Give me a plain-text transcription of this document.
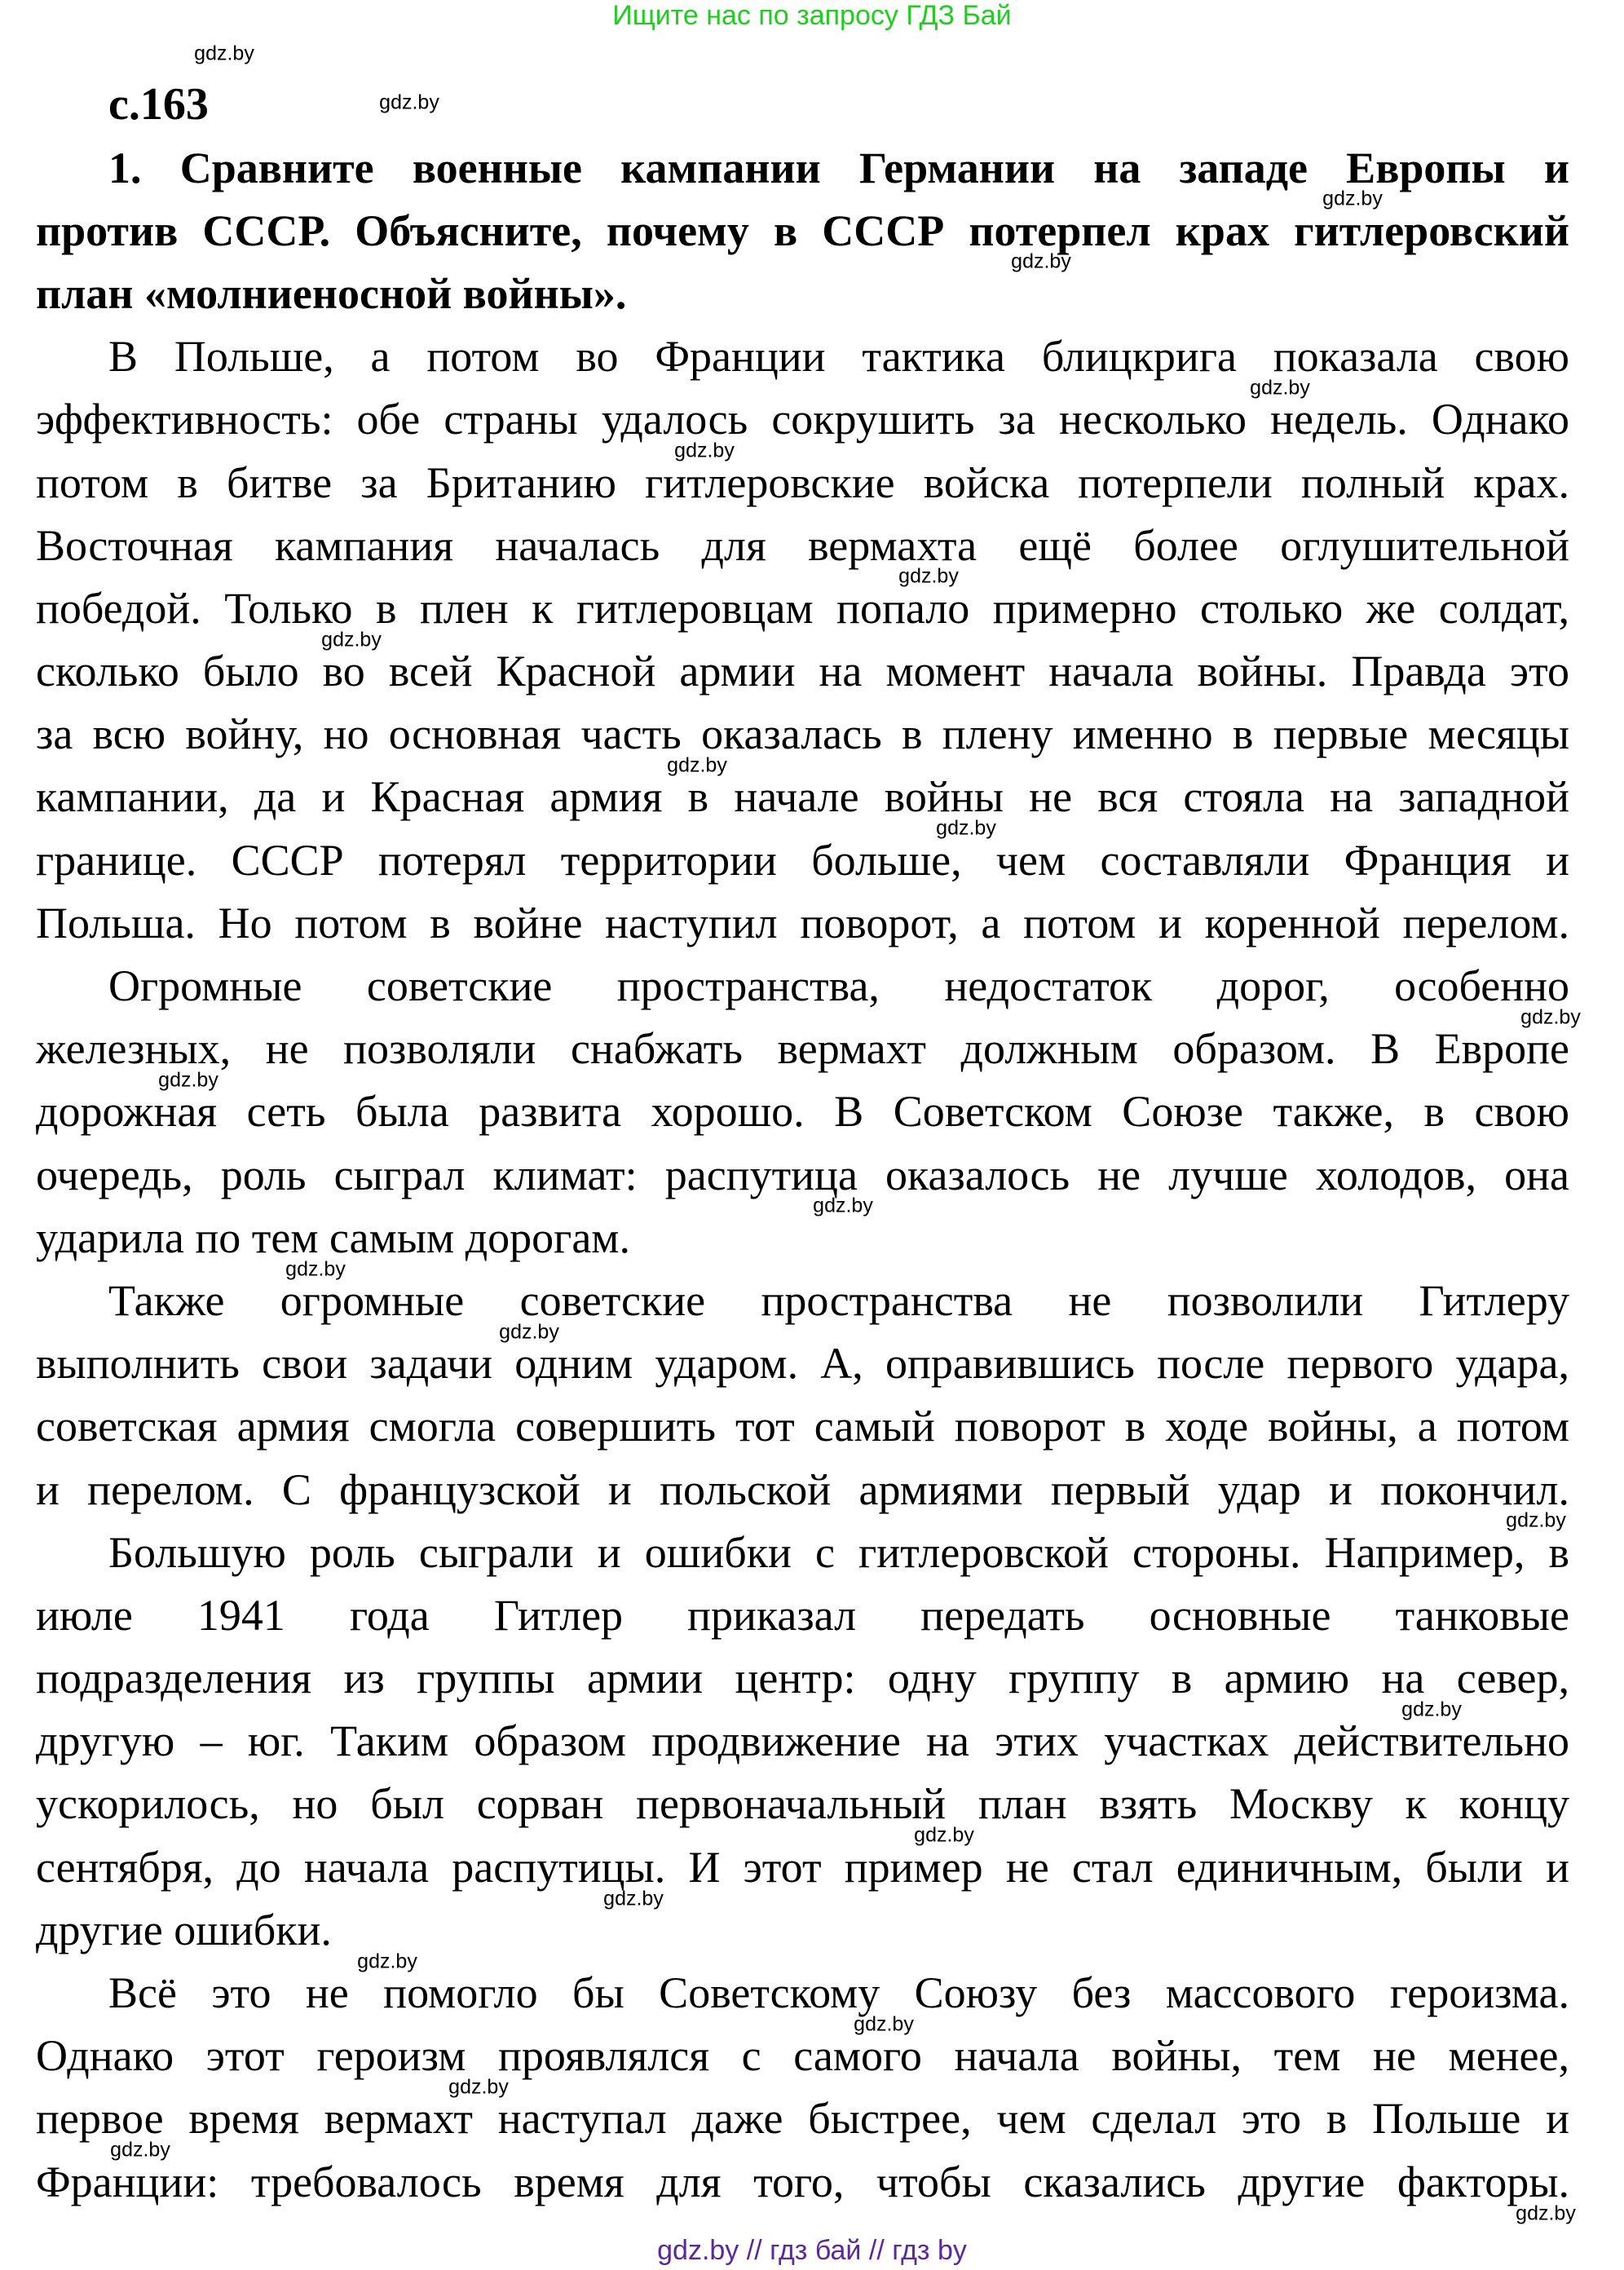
Ищите нас по запросу ГДЗ Бай
с.163
1. Сравните военные кампании Германии на западе Европы и
против СССР. Объясните, почему в СССР потерпел крах гитлеровский
план «молниеносной войны».
В Польше, а потом во Франции тактика блицкрига показала свою
эффективность: обе страны удалось сокрушить за несколько недель. Однако
потом в битве за Британию гитлеровские войска потерпели полный крах.
Восточная кампания началась для вермахта ещё более оглушительной
победой. Только в плен к гитлеровцам попало примерно столько же солдат,
сколько было во всей Красной армии на момент начала войны. Правда это
за всю войну, но основная часть оказалась в плену именно в первые месяцы
кампании, да и Красная армия в начале войны не вся стояла на западной
границе. СССР потерял территории больше, чем составляли Франция и
Польша. Но потом в войне наступил поворот, а потом и коренной перелом.
Огромные советские пространства, недостаток дорог, особенно
железных, не позволяли снабжать вермахт должным образом. В Европе
дорожная сеть была развита хорошо. В Советском Союзе также, в свою
очередь, роль сыграл климат: распутица оказалось не лучше холодов, она
ударила по тем самым дорогам.
Также огромные советские пространства не позволили Гитлеру
выполнить свои задачи одним ударом. А, оправившись после первого удара,
советская армия смогла совершить тот самый поворот в ходе войны, а потом
и перелом. С французской и польской армиями первый удар и покончил.
Большую роль сыграли и ошибки с гитлеровской стороны. Например, в
июле 1941 года Гитлер приказал передать основные танковые
подразделения из группы армии центр: одну группу в армию на север,
другую – юг. Таким образом продвижение на этих участках действительно
ускорилось, но был сорван первоначальный план взять Москву к концу
сентября, до начала распутицы. И этот пример не стал единичным, были и
другие ошибки.
Всё это не помогло бы Советскому Союзу без массового героизма.
Однако этот героизм проявлялся с самого начала войны, тем не менее,
первое время вермахт наступал даже быстрее, чем сделал это в Польше и
Франции: требовалось время для того, чтобы сказались другие факторы.
gdz.by
gdz.by
gdz.by
gdz.by
gdz.by
gdz.by
gdz.by
gdz.by
gdz.by
gdz.by
gdz.by
gdz.by
gdz.by
gdz.by
gdz.by
gdz.by
gdz.by
gdz.by
gdz.by
gdz.by
gdz.by
gdz.by
gdz.by
gdz.by
gdz.by // гдз бай // гдз by
